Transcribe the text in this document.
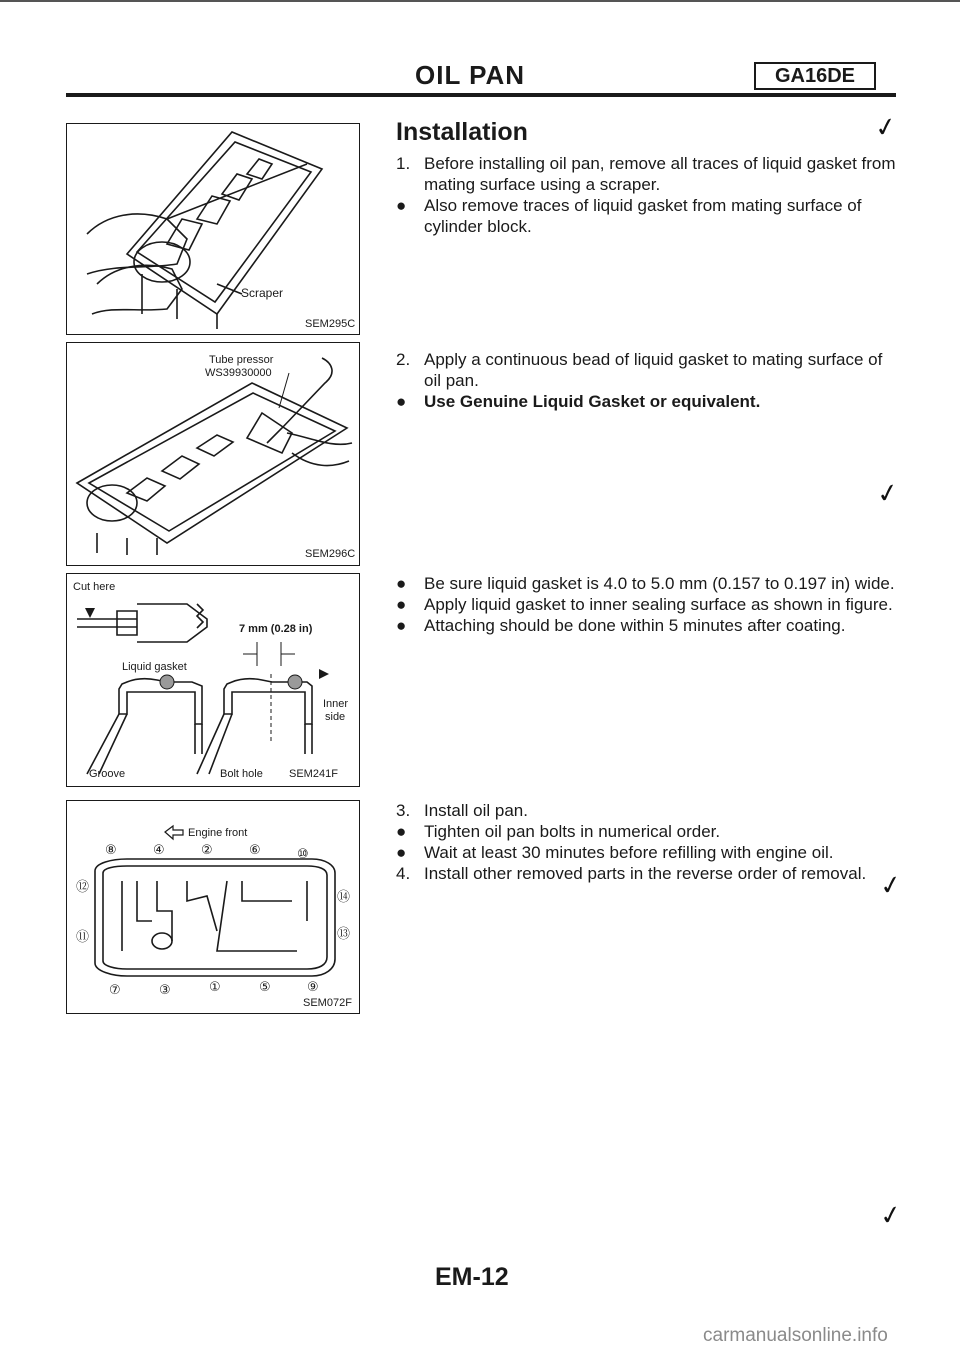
OIL PAN	GA16DE
Installation	✓
✓
✓
✓

1. Before installing oil pan, remove all traces of liquid gasket from mating surface using a scraper.

● Also remove traces of liquid gasket from mating surface of cylinder block.

2. Apply a continuous bead of liquid gasket to mating surface of oil pan.

● Use Genuine Liquid Gasket or equivalent.

● Be sure liquid gasket is 4.0 to 5.0 mm (0.157 to 0.197 in) wide.

● Apply liquid gasket to inner sealing surface as shown in figure.

● Attaching should be done within 5 minutes after coating.

3. Install oil pan.

● Tighten oil pan bolts in numerical order.

● Wait at least 30 minutes before refilling with engine oil.

4. Install other removed parts in the reverse order of removal.

Scraper
SEM295C
Tube pressor
WS39930000
SEM296C
Cut here
7 mm (0.28 in)
Liquid gasket
Inner
side
Groove	Bolt hole SEM241F
Engine front
⑧	④	②	⑥	⑩
⑦	③	①	⑤	⑨
⑫
⑪
⑭
⑬
SEM072F
EM-12
carmanualsonline.info
